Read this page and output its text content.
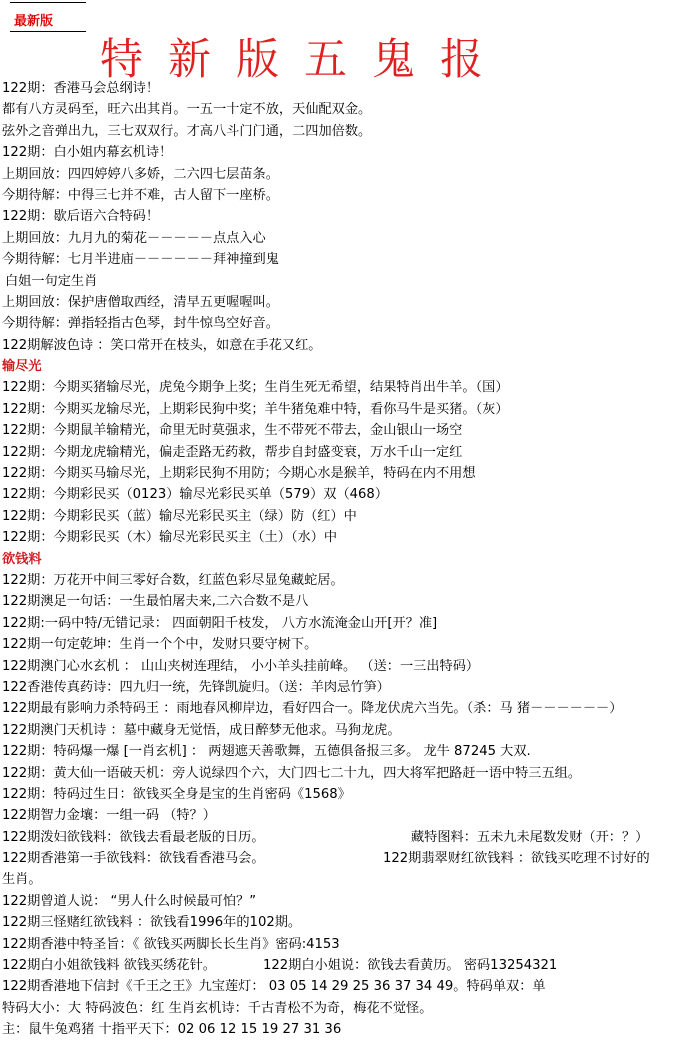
最新版
特新版五鬼报
122期：香港马会总纲诗！
都有八方灵码至，旺六出其肖。一五一十定不放，天仙配双金。
弦外之音弹出九，三七双双行。才高八斗门门通，二四加倍数。
122期：白小姐内幕玄机诗！
上期回放：四四婷婷八多娇，二六四七层苗条。
今期待解：中得三七并不难，古人留下一座桥。
122期：歇后语六合特码！
上期回放：九月九的菊花－－－－－点点入心
今期待解：七月半进庙－－－－－－拜神撞到鬼
白姐一句定生肖
上期回放：保护唐僧取西经，清早五更喔喔叫。
今期待解：弹指轻指古色琴，封牛惊鸟空好音。
122期解波色诗 ：笑口常开在枝头，如意在手花又红。
输尽光
122期：今期买猪输尽光，虎兔今期争上奖；生肖生死无希望，结果特肖出牛羊。（国）
122期：今期买龙输尽光，上期彩民狗中奖；羊牛猪兔难中特，看你马牛是买猪。（灰）
122期：今期鼠羊输精光，命里无时莫强求，生不带死不带去，金山银山一场空
122期：今期龙虎输精光，偏走歪路无药救，帮步自封盛变衰，万水千山一定红
122期：今期买马输尽光，上期彩民狗不用防；今期心水是猴羊，特码在内不用想
122期：今期彩民买（0123）输尽光彩民买单（579）双（468）
122期：今期彩民买（蓝）输尽光彩民买主（绿）防（红）中
122期：今期彩民买（木）输尽光彩民买主（土）（水）中
欲钱料
122期：万花开中间三零好合数，红蓝色彩尽显兔藏蛇居。
122期澳足一句话：一生最怕屠夫来,二六合数不是八
122期:一码中特/无错记录： 四面朝阳千枝发， 八方水流淹金山开[开？准]
122期一句定乾坤：生肖一个个中，发财只要守树下。
122期澳门心水玄机 ： 山山夹树连理结， 小小羊头挂前峰。 （送：一三出特码）
122香港传真药诗：四九归一统，先锋凯旋归。（送：羊肉忌竹笋）
122期最有影响力杀特码王 ：雨地春风柳岸边，看好四合一。降龙伏虎六当先。（杀：马 猪－－－－－－）
122期澳门天机诗 ：墓中藏身无觉悟，成日醉梦无他求。马狗龙虎。
122期：特码爆一爆 [一肖玄机] ： 两翅遮天善歌舞，五德俱备报三多。 龙牛 87245 大双.
122期：黄大仙一语破天机：旁人说绿四个六，大门四七二十九，四大将军把路赶一语中特三五组。
122期：特码过生日：欲钱买全身是宝的生肖密码《1568》
122期智力金壤：一组一码 （特？）
122期泼妇欲钱料：欲钱去看最老版的日历。	藏特图料：五未九未尾数发财（开：？）
122期香港第一手欲钱料：欲钱看香港马会。	122期翡翠财红欲钱料 ：欲钱买吃理不讨好的
生肖。
122期曾道人说： “男人什么时候最可怕？”
122期三怪赌红欲钱料 ：欲钱看1996年的102期。
122期香港中特圣旨：《 欲钱买两脚长长生肖》密码:4153
122期白小姐欲钱料 欲钱买绣花针。	122期白小姐说：欲钱去看黄历。 密码13254321
122期香港地下信封《千王之王》九宝莲灯： 03 05 14 29 25 36 37 34 49。特码单双：单
特码大小：大 特码波色：红 生肖玄机诗：千古青松不为奇，梅花不觉怪。
主：鼠牛兔鸡猪 十指平天下：02 06 12 15 19 27 31 36
